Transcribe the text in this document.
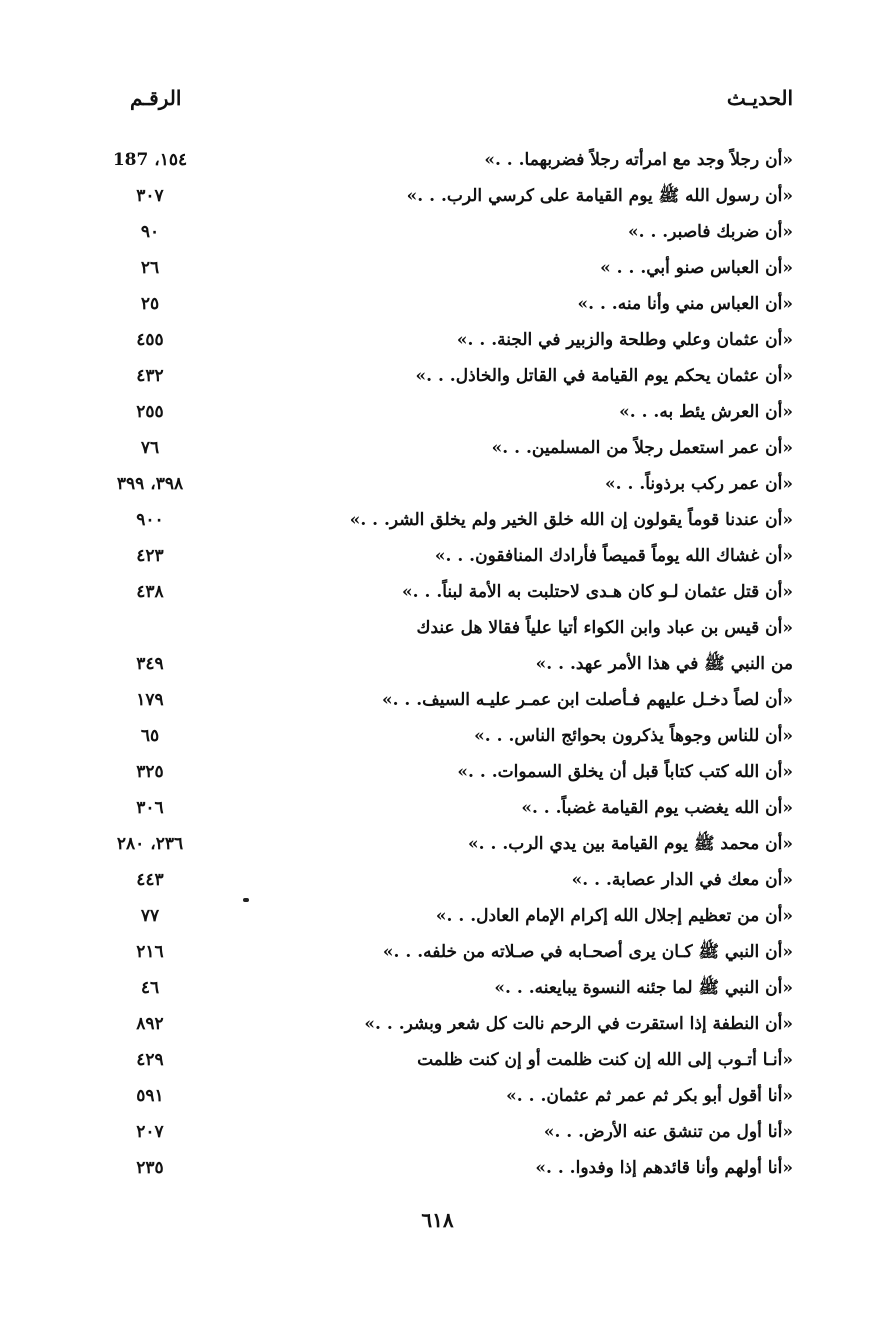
الحديـث
الرقـم
«أن رجلاً وجد مع امرأته رجلاً فضربهما. . .»
١٥٤، 187
«أن رسول الله ﷺ يوم القيامة على كرسي الرب. . .»
٣٠٧
«أن ضربك فاصبر. . .»
٩٠
«أن العباس صنو أبي. . . »
٢٦
«أن العباس مني وأنا منه. . .»
٢٥
«أن عثمان وعلي وطلحة والزبير في الجنة. . .»
٤٥٥
«أن عثمان يحكم يوم القيامة في القاتل والخاذل. . .»
٤٣٢
«أن العرش يئط به. . .»
٢٥٥
«أن عمر استعمل رجلاً من المسلمين. . .»
٧٦
«أن عمر ركب برذوناً. . .»
٣٩٨، ٣٩٩
«أن عندنا قوماً يقولون إن الله خلق الخير ولم يخلق الشر. . .»
٩٠٠
«أن غشاك الله يوماً قميصاً فأرادك المنافقون. . .»
٤٢٣
«أن قتل عثمان لـو كان هـدى لاحتلبت به الأمة لبناً. . .»
٤٣٨
«أن قيس بن عباد وابن الكواء أتيا علياً فقالا هل عندك
من النبي ﷺ في هذا الأمر عهد. . .»
٣٤٩
«أن لصاً دخـل عليهم فـأصلت ابن عمـر عليـه السيف. . .»
١٧٩
«أن للناس وجوهاً يذكرون بحوائج الناس. . .»
٦٥
«أن الله كتب كتاباً قبل أن يخلق السموات. . .»
٣٢٥
«أن الله يغضب يوم القيامة غضباً. . .»
٣٠٦
«أن محمد ﷺ يوم القيامة بين يدي الرب. . .»
٢٣٦، ٢٨٠
«أن معك في الدار عصابة. . .»
٤٤٣
«أن من تعظيم إجلال الله إكرام الإمام العادل. . .»
٧٧
«أن النبي ﷺ كـان يرى أصحـابه في صـلاته من خلفه. . .»
٢١٦
«أن النبي ﷺ لما جئنه النسوة يبايعنه. . .»
٤٦
«أن النطفة إذا استقرت في الرحم نالت كل شعر وبشر. . .»
٨٩٢
«أنـا أتـوب إلى الله إن كنت ظلمت أو إن كنت ظلمت
٤٢٩
«أنا أقول أبو بكر ثم عمر ثم عثمان. . .»
٥٩١
«أنا أول من تنشق عنه الأرض. . .»
٢٠٧
«أنا أولهم وأنا قائدهم إذا وفدوا. . .»
٢٣٥
٦١٨
